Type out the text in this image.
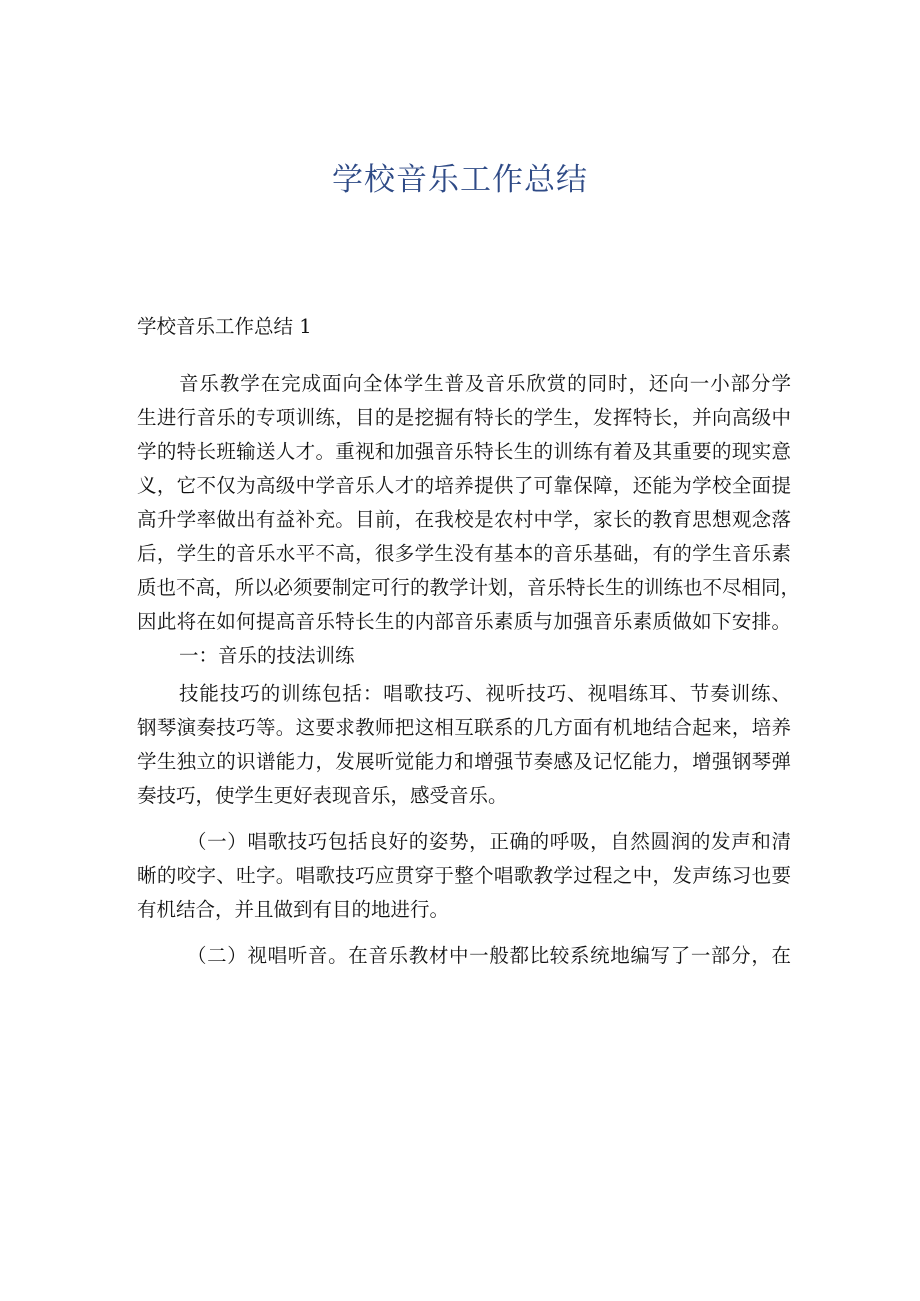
学校音乐工作总结
学校音乐工作总结 1
音乐教学在完成面向全体学生普及音乐欣赏的同时，还向一小部分学
生进行音乐的专项训练，目的是挖掘有特长的学生，发挥特长，并向高级中
学的特长班输送人才。重视和加强音乐特长生的训练有着及其重要的现实意
义，它不仅为高级中学音乐人才的培养提供了可靠保障，还能为学校全面提
高升学率做出有益补充。目前，在我校是农村中学，家长的教育思想观念落
后，学生的音乐水平不高，很多学生没有基本的音乐基础，有的学生音乐素
质也不高，所以必须要制定可行的教学计划，音乐特长生的训练也不尽相同，
因此将在如何提高音乐特长生的内部音乐素质与加强音乐素质做如下安排。
一：音乐的技法训练
技能技巧的训练包括：唱歌技巧、视听技巧、视唱练耳、节奏训练、
钢琴演奏技巧等。这要求教师把这相互联系的几方面有机地结合起来，培养
学生独立的识谱能力，发展听觉能力和增强节奏感及记忆能力，增强钢琴弹
奏技巧，使学生更好表现音乐，感受音乐。
（一）唱歌技巧包括良好的姿势，正确的呼吸，自然圆润的发声和清
晰的咬字、吐字。唱歌技巧应贯穿于整个唱歌教学过程之中，发声练习也要
有机结合，并且做到有目的地进行。
（二）视唱听音。在音乐教材中一般都比较系统地编写了一部分，在
